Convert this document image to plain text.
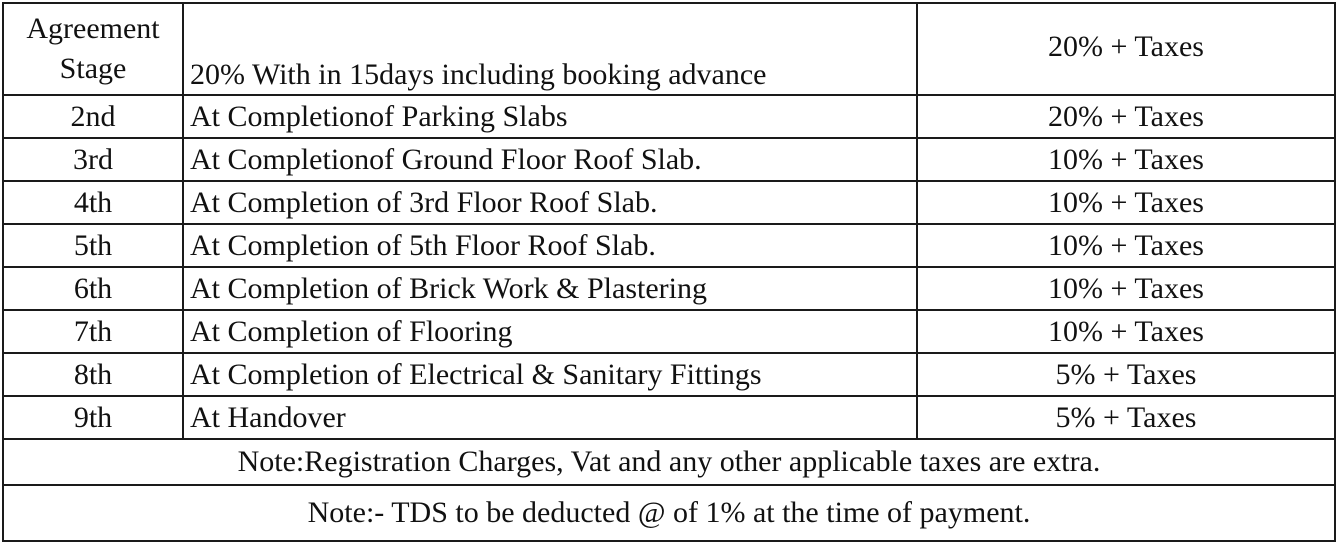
Agreement Stage	20% With in 15days including booking advance	20% + Taxes
2nd	At Completionof Parking Slabs	20% + Taxes
3rd	At Completionof Ground Floor Roof Slab.	10% + Taxes
4th	At Completion of 3rd Floor Roof Slab.	10% + Taxes
5th	At Completion of 5th Floor Roof Slab.	10% + Taxes
6th	At Completion of Brick Work & Plastering	10% + Taxes
7th	At Completion of Flooring	10% + Taxes
8th	At Completion of Electrical & Sanitary Fittings	5% + Taxes
9th	At Handover	5% + Taxes
Note:Registration Charges, Vat and any other applicable taxes are extra.		
Note:- TDS to be deducted @ of 1% at the time of payment.		
